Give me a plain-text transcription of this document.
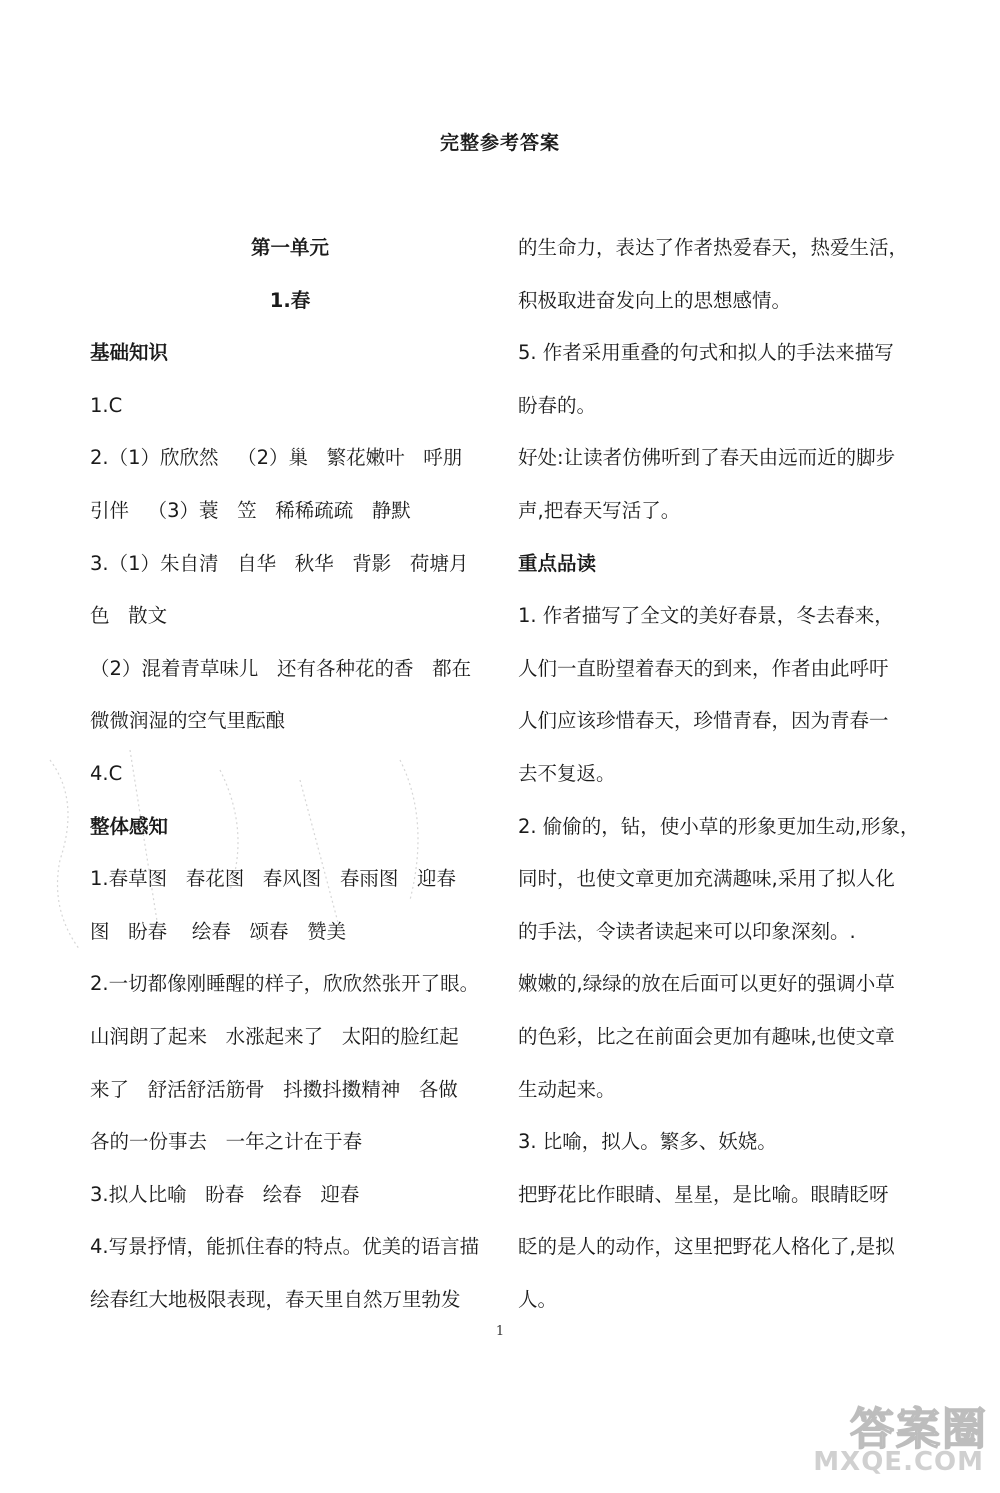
完整参考答案
第一单元
1.春
基础知识
1.C
2.（1）欣欣然   （2）巢   繁花嫩叶   呼朋
引伴   （3）蓑   笠   稀稀疏疏   静默
3.（1）朱自清   自华   秋华   背影   荷塘月
色   散文
（2）混着青草味儿   还有各种花的香   都在
微微润湿的空气里酝酿
4.C
整体感知
1.春草图   春花图   春风图   春雨图   迎春
图   盼春    绘春   颂春   赞美
2.一切都像刚睡醒的样子，欣欣然张开了眼。
山润朗了起来   水涨起来了   太阳的脸红起
来了   舒活舒活筋骨   抖擞抖擞精神   各做
各的一份事去   一年之计在于春
3.拟人比喻   盼春   绘春   迎春
4.写景抒情，能抓住春的特点。优美的语言描
绘春红大地极限表现，春天里自然万里勃发
的生命力，表达了作者热爱春天，热爱生活，
积极取进奋发向上的思想感情。
5. 作者采用重叠的句式和拟人的手法来描写
盼春的。
好处:让读者仿佛听到了春天由远而近的脚步
声,把春天写活了。
重点品读
1. 作者描写了全文的美好春景，冬去春来，
人们一直盼望着春天的到来，作者由此呼吁
人们应该珍惜春天，珍惜青春，因为青春一
去不复返。
2. 偷偷的，钻，使小草的形象更加生动,形象，
同时，也使文章更加充满趣味,采用了拟人化
的手法，令读者读起来可以印象深刻。.
嫩嫩的,绿绿的放在后面可以更好的强调小草
的色彩，比之在前面会更加有趣味,也使文章
生动起来。
3. 比喻，拟人。繁多、妖娆。
把野花比作眼睛、星星，是比喻。眼睛眨呀
眨的是人的动作，这里把野花人格化了,是拟
人。
1
答案圈
MXQE.COM
